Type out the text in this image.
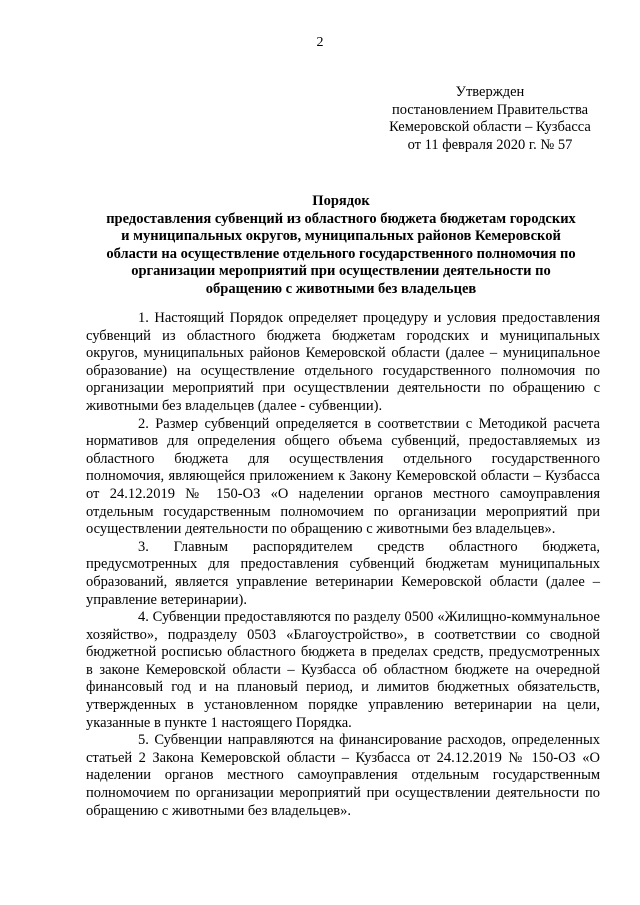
2
Утвержден
постановлением Правительства
Кемеровской области – Кузбасса
от 11 февраля 2020 г. № 57
Порядок
предоставления субвенций из областного бюджета бюджетам городских
и муниципальных округов, муниципальных районов Кемеровской
области на осуществление отдельного государственного полномочия по
организации мероприятий при осуществлении деятельности по
обращению с животными без владельцев

1. Настоящий Порядок определяет процедуру и условия предоставления субвенций из областного бюджета бюджетам городских и муниципальных округов, муниципальных районов Кемеровской области (далее – муниципальное образование) на осуществление отдельного государственного полномочия по организации мероприятий при осуществлении деятельности по обращению с животными без владельцев (далее - субвенции).

2. Размер субвенций определяется в соответствии с Методикой расчета нормативов для определения общего объема субвенций, предоставляемых из областного бюджета для осуществления отдельного государственного полномочия, являющейся приложением к Закону Кемеровской области – Кузбасса от 24.12.2019 № 150-ОЗ «О наделении органов местного самоуправления отдельным государственным полномочием по организации мероприятий при осуществлении деятельности по обращению с животными без владельцев».

3. Главным распорядителем средств областного бюджета, предусмотренных для предоставления субвенций бюджетам муниципальных образований, является управление ветеринарии Кемеровской области (далее – управление ветеринарии).

4. Субвенции предоставляются по разделу 0500 «Жилищно-коммунальное хозяйство», подразделу 0503 «Благоустройство», в соответствии со сводной бюджетной росписью областного бюджета в пределах средств, предусмотренных в законе Кемеровской области – Кузбасса об областном бюджете на очередной финансовый год и на плановый период, и лимитов бюджетных обязательств, утвержденных в установленном порядке управлению ветеринарии на цели, указанные в пункте 1 настоящего Порядка.

5. Субвенции направляются на финансирование расходов, определенных статьей 2 Закона Кемеровской области – Кузбасса от 24.12.2019 № 150-ОЗ «О наделении органов местного самоуправления отдельным государственным полномочием по организации мероприятий при осуществлении деятельности по обращению с животными без владельцев».
